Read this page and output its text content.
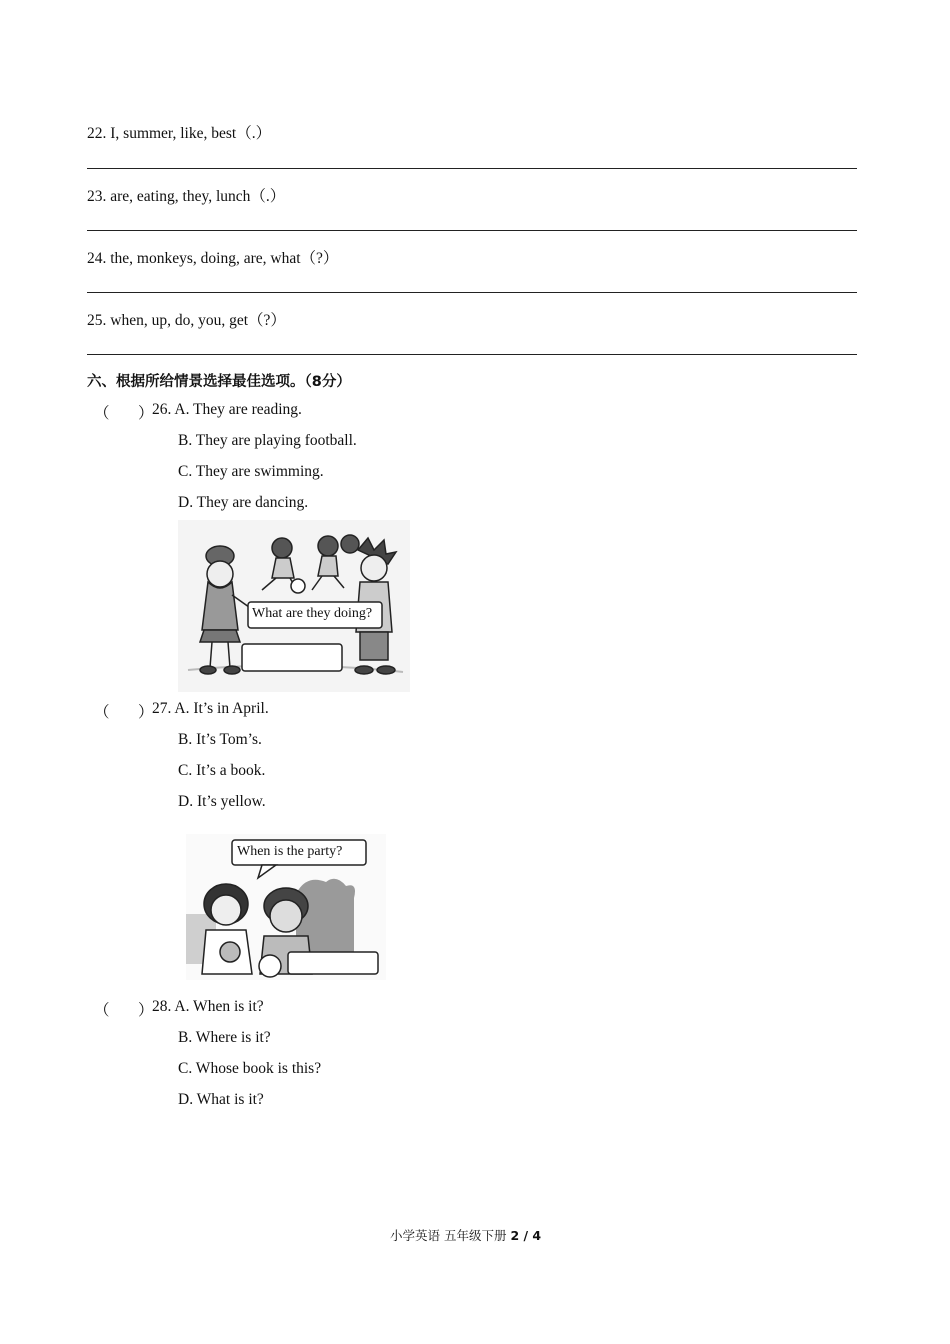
22. I, summer, like, best（.）
23. are, eating, they, lunch（.）
24. the, monkeys, doing, are, what（?）
25. when, up, do, you, get（?）
六、根据所给情景选择最佳选项。（8分）
（ ）
26. A. They are reading.
B. They are playing football.
C. They are swimming.
D. They are dancing.
What are they doing?
（ ）
27. A. It’s in April.
B. It’s Tom’s.
C. It’s a book.
D. It’s yellow.
When is the party?
（ ）
28. A. When is it?
B. Where is it?
C. Whose book is this?
D. What is it?
小学英语 五年级下册 2 / 4
